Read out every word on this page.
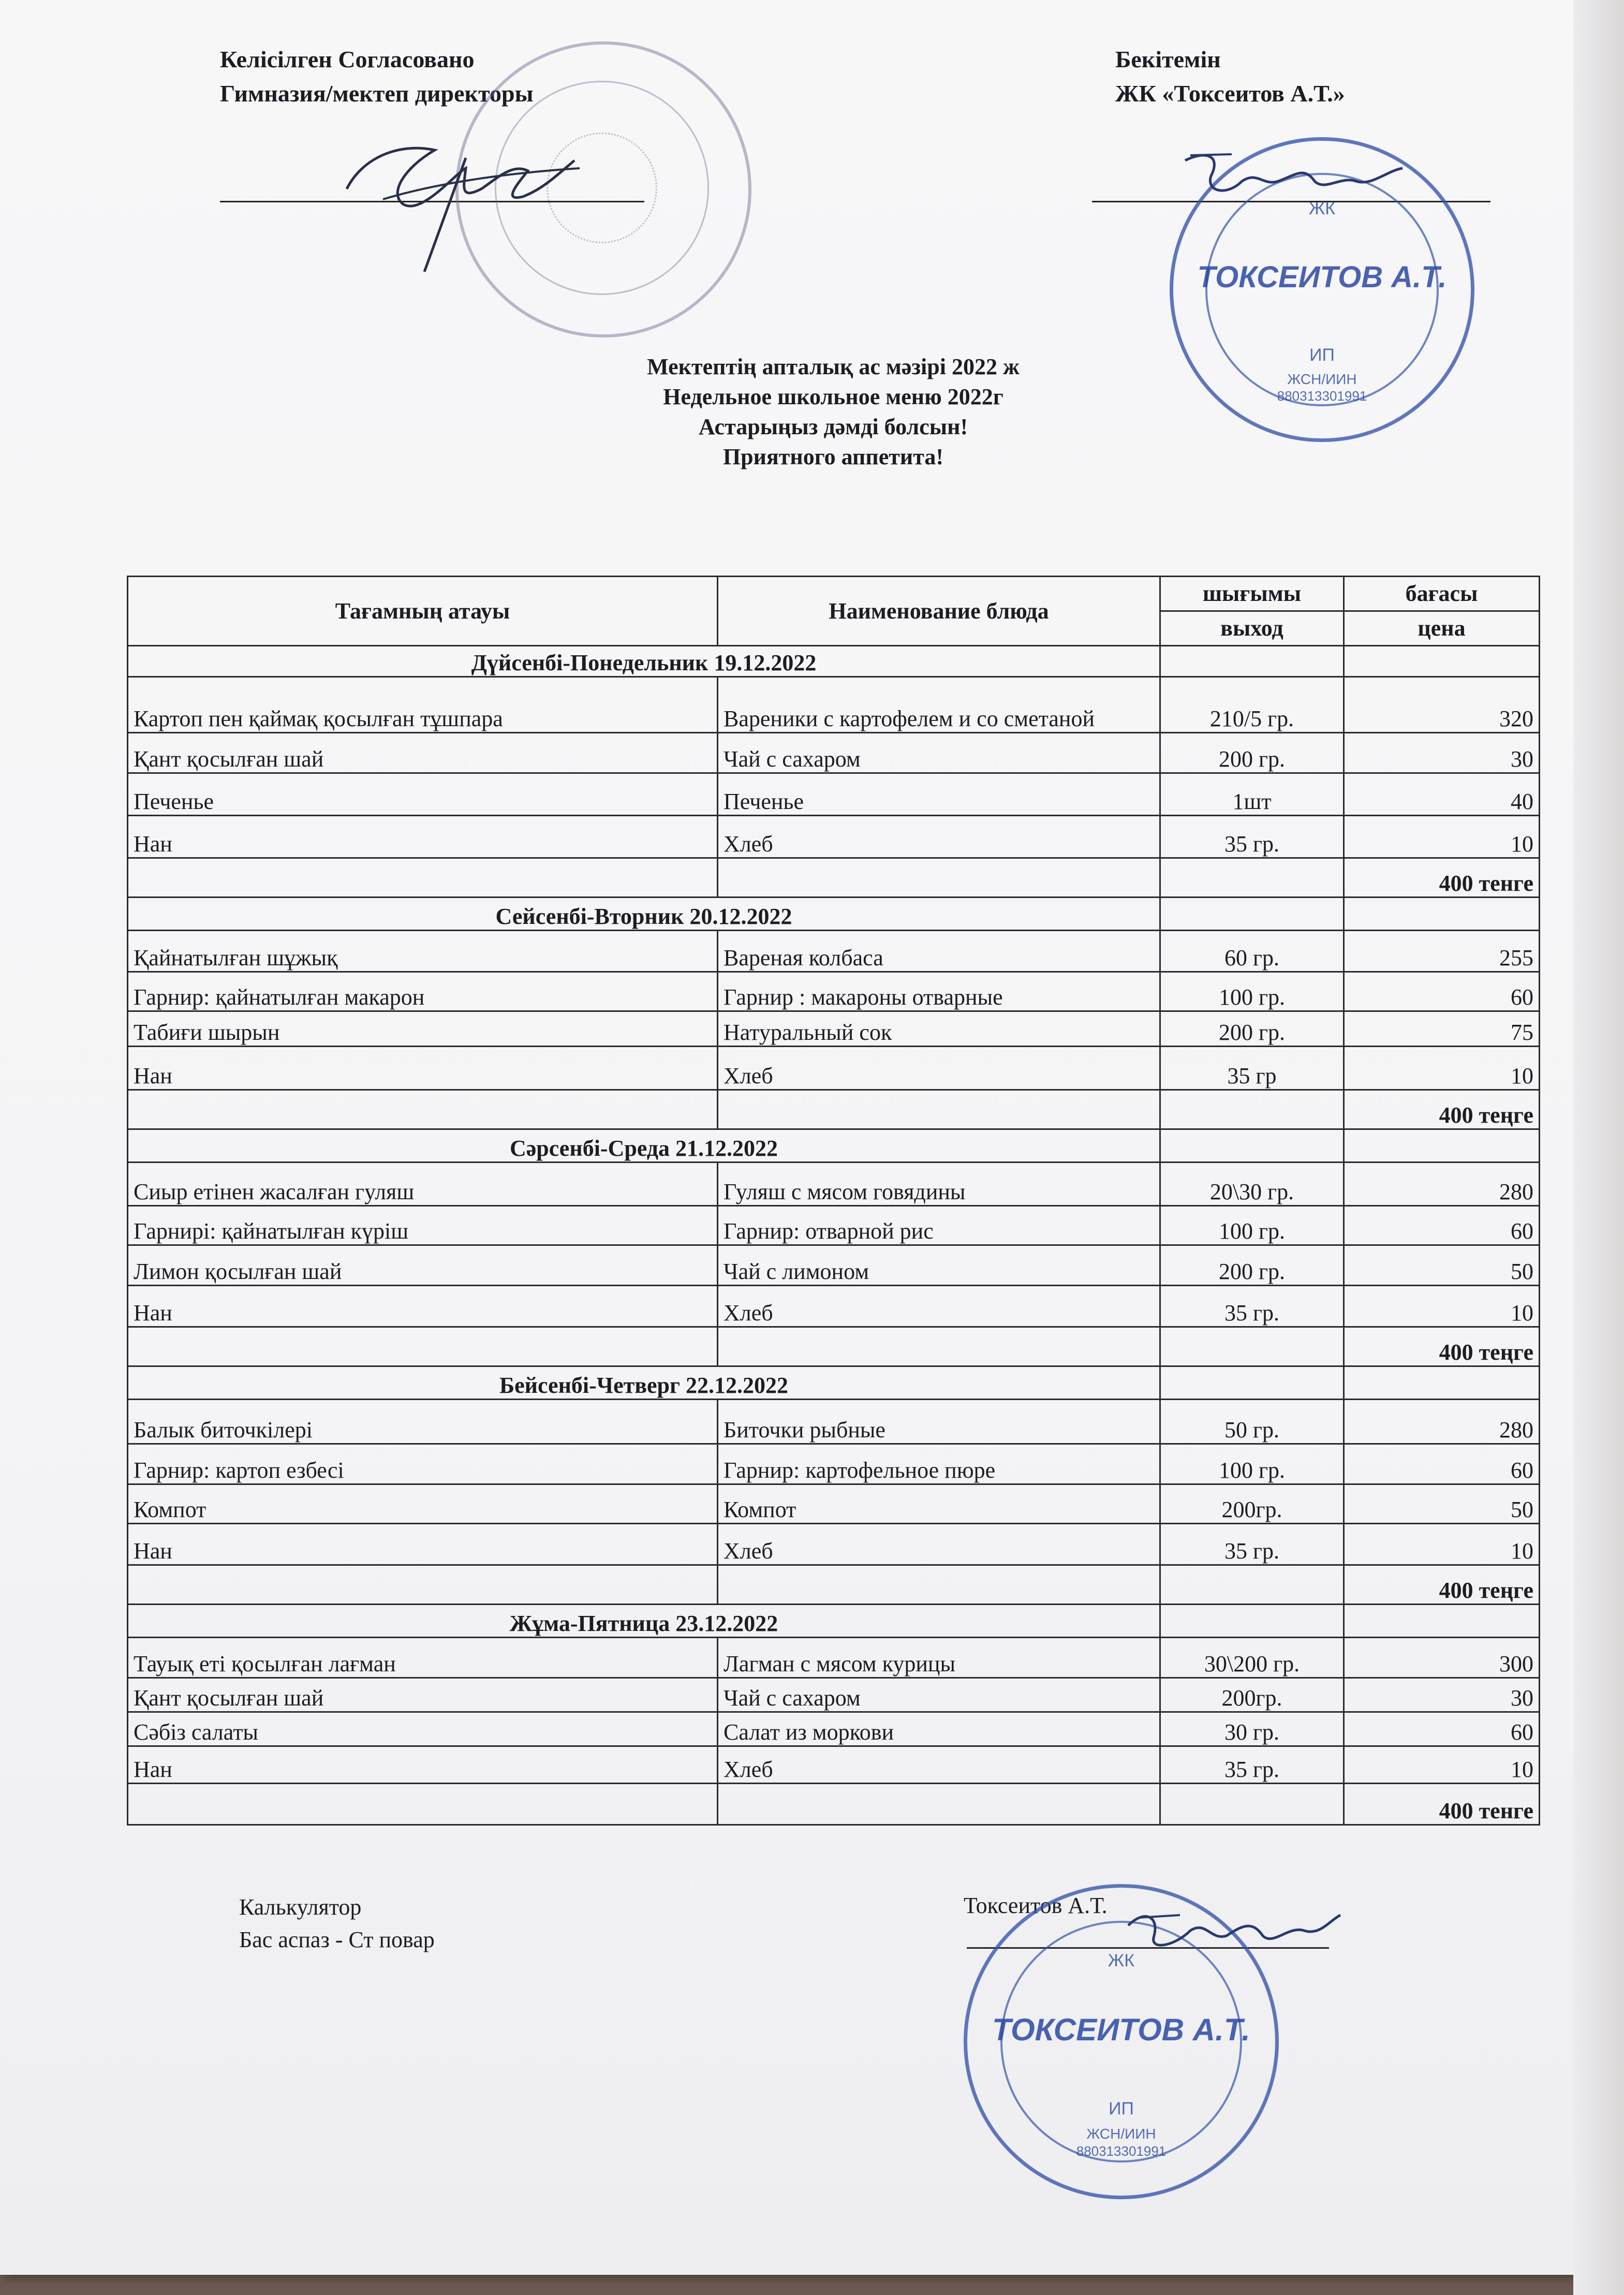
Келісілген Согласовано
Гимназия/мектеп директоры
Бекітемін
ЖК «Токсеитов А.Т.»
ЖК
ТОКСЕИТОВ А.Т.
ИП
ЖСН/ИИН
880313301991
Мектептің апталық ас мәзірі 2022 ж
Недельное школьное меню 2022г
Астарыңыз дәмді болсын!
Приятного аппетита!
Тағамның атауы	Наименование блюда	шығымы	бағасы
		выход	цена
Дүйсенбі-Понедельник 19.12.2022			
Картоп пен қаймақ қосылған тұшпара	Вареники с картофелем и со сметаной	210/5 гр.	320
Қант қосылған шай	Чай с сахаром	200 гр.	30
Печенье	Печенье	1шт	40
Нан	Хлеб	35 гр.	10
			400 тенге
Сейсенбі-Вторник 20.12.2022			
Қайнатылған шұжық	Вареная колбаса	60 гр.	255
Гарнир: қайнатылған макарон	Гарнир : макароны отварные	100 гр.	60
Табиғи шырын	Натуральный сок	200 гр.	75
Нан	Хлеб	35 гр	10
			400 теңге
Сәрсенбі-Среда 21.12.2022			
Сиыр етінен жасалған гуляш	Гуляш с мясом говядины	20\30 гр.	280
Гарнирі: қайнатылған күріш	Гарнир: отварной рис	100 гр.	60
Лимон қосылған шай	Чай с лимоном	200 гр.	50
Нан	Хлеб	35 гр.	10
			400 теңге
Бейсенбі-Четверг 22.12.2022			
Балык биточкілері	Биточки рыбные	50 гр.	280
Гарнир: картоп езбесі	Гарнир: картофельное пюре	100 гр.	60
Компот	Компот	200гр.	50
Нан	Хлеб	35 гр.	10
			400 теңге
Жұма-Пятница 23.12.2022			
Тауық еті қосылған лағман	Лагман с мясом курицы	30\200 гр.	300
Қант қосылған шай	Чай с сахаром	200гр.	30
Сәбіз салаты	Салат из моркови	30 гр.	60
Нан	Хлеб	35 гр.	10
			400 тенге
Калькулятор
Бас аспаз - Ст повар
Токсеитов А.Т.
ЖК
ТОКСЕИТОВ А.Т.
ИП
ЖСН/ИИН
880313301991
